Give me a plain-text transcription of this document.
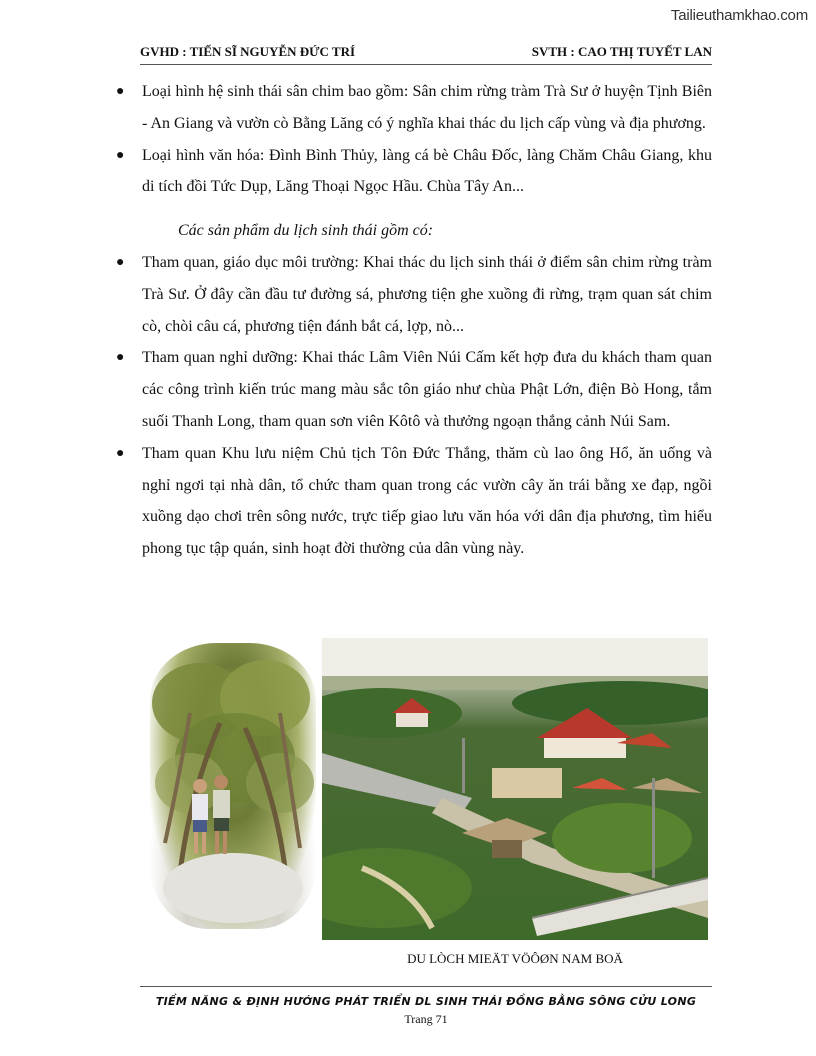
Tailieuthamkhao.com
GVHD : TIẾN SĨ NGUYỄN ĐỨC TRÍ	SVTH : CAO THỊ TUYẾT LAN
● Loại hình hệ sinh thái sân chim bao gồm: Sân chim rừng tràm Trà Sư ở huyện Tịnh Biên - An Giang và vườn cò Bằng Lăng có ý nghĩa khai thác du lịch cấp vùng và địa phương.
● Loại hình văn hóa: Đình Bình Thủy, làng cá bè Châu Đốc, làng Chăm Châu Giang, khu di tích đồi Tức Dụp, Lăng Thoại Ngọc Hầu. Chùa Tây An...

Các sản phẩm du lịch sinh thái gồm có:

● Tham quan, giáo dục môi trường: Khai thác du lịch sinh thái ở điểm sân chim rừng tràm Trà Sư. Ở đây cần đầu tư đường sá, phương tiện ghe xuồng đi rừng, trạm quan sát chim cò, chòi câu cá, phương tiện đánh bắt cá, lợp, nò...
● Tham quan nghỉ dưỡng: Khai thác Lâm Viên Núi Cấm kết hợp đưa du khách tham quan các công trình kiến trúc mang màu sắc tôn giáo như chùa Phật Lớn, điện Bò Hong, tắm suối Thanh Long, tham quan sơn viên Kôtô và thưởng ngoạn thắng cảnh Núi Sam.
● Tham quan Khu lưu niệm Chủ tịch Tôn Đức Thắng, thăm cù lao ông Hổ, ăn uống và nghỉ ngơi tại nhà dân, tổ chức tham quan trong các vườn cây ăn trái bằng xe đạp, ngồi xuồng dạo chơi trên sông nước, trực tiếp giao lưu văn hóa với dân địa phương, tìm hiểu phong tục tập quán, sinh hoạt đời thường của dân vùng này.
DU LÒCH MIEÄT VÖÔØN NAM BOÄ
TIỀM NĂNG & ĐỊNH HƯỚNG PHÁT TRIỂN DL SINH THÁI ĐỒNG BẰNG SÔNG CỬU LONG
Trang 71
